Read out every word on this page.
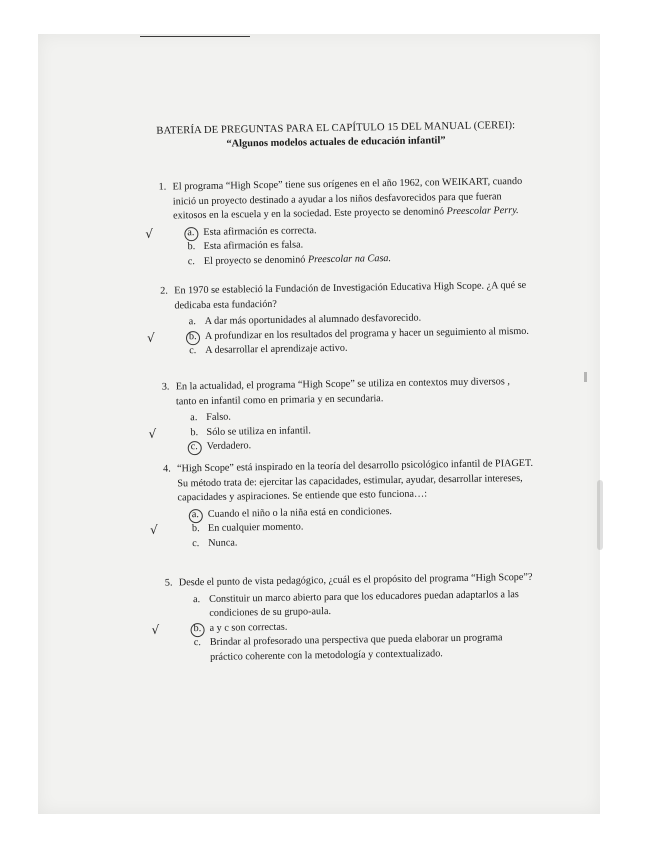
BATERÍA DE PREGUNTAS PARA EL CAPÍTULO 15 DEL MANUAL (CEREI):
“Algunos modelos actuales de educación infantil”
1. El programa “High Scope” tiene sus orígenes en el año 1962, con WEIKART, cuando inició un proyecto destinado a ayudar a los niños desfavorecidos para que fueran exitosos en la escuela y en la sociedad. Este proyecto se denominó Preescolar Perry.
√	a. Esta afirmación es correcta.
b. Esta afirmación es falsa.
c. El proyecto se denominó Preescolar na Casa.
2. En 1970 se estableció la Fundación de Investigación Educativa High Scope. ¿A qué se dedicaba esta fundación?
a. A dar más oportunidades al alumnado desfavorecido.
√	b. A profundizar en los resultados del programa y hacer un seguimiento al mismo.
c. A desarrollar el aprendizaje activo.
3. En la actualidad, el programa “High Scope” se utiliza en contextos muy diversos , tanto en infantil como en primaria y en secundaria.
a. Falso.
√	b. Sólo se utiliza en infantil.
c. Verdadero.
4. “High Scope” está inspirado en la teoría del desarrollo psicológico infantil de PIAGET. Su método trata de: ejercitar las capacidades, estimular, ayudar, desarrollar intereses, capacidades y aspiraciones. Se entiende que esto funciona…:
a. Cuando el niño o la niña está en condiciones.
√	b. En cualquier momento.
c. Nunca.
5. Desde el punto de vista pedagógico, ¿cuál es el propósito del programa “High Scope”?
a. Constituir un marco abierto para que los educadores puedan adaptarlos a las condiciones de su grupo-aula.
√	b. a y c son correctas.
c. Brindar al profesorado una perspectiva que pueda elaborar un programa práctico coherente con la metodología y contextualizado.
